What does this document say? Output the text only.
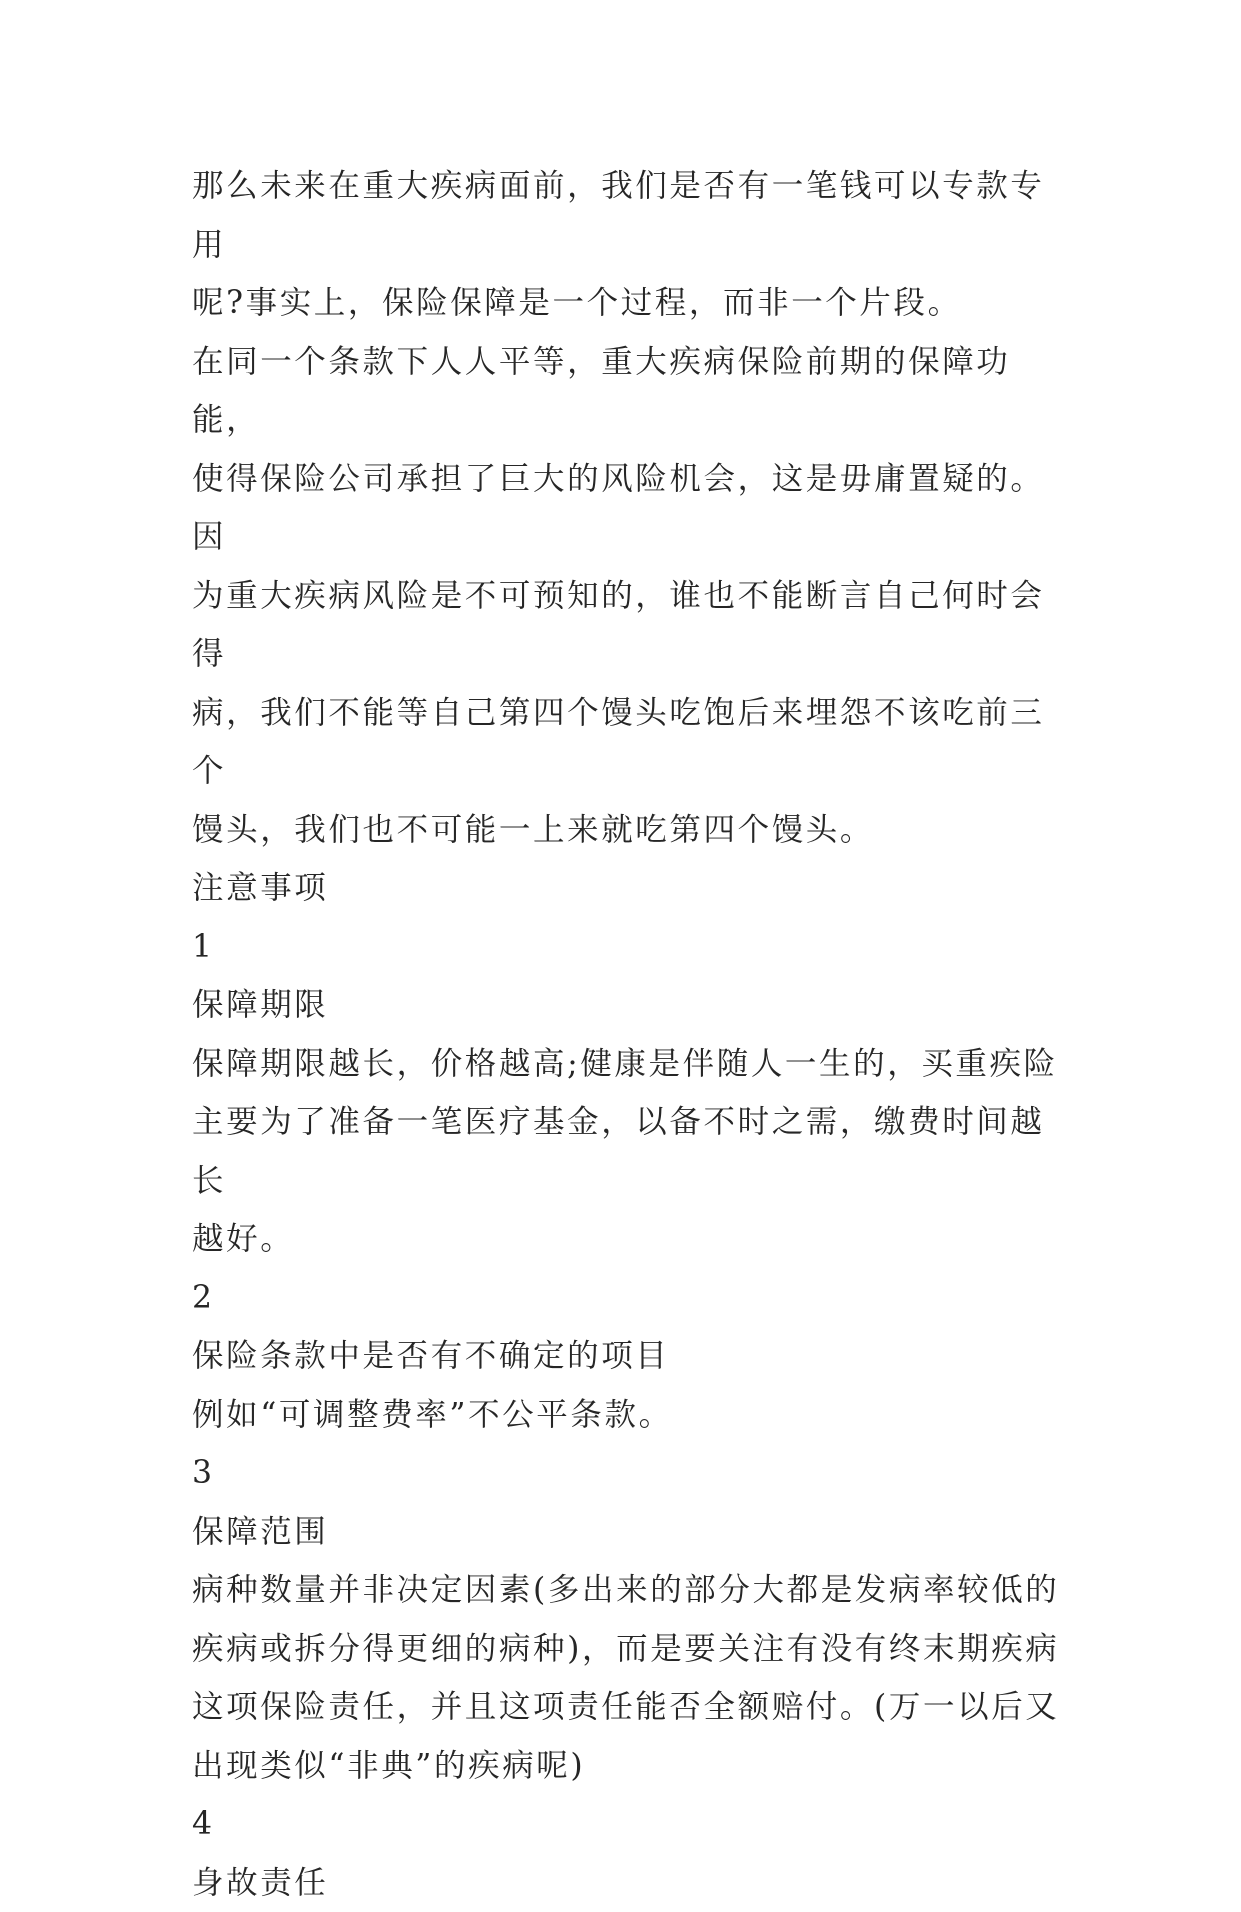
那么未来在重大疾病面前，我们是否有一笔钱可以专款专用
呢?事实上，保险保障是一个过程，而非一个片段。

在同一个条款下人人平等，重大疾病保险前期的保障功能，
使得保险公司承担了巨大的风险机会，这是毋庸置疑的。因
为重大疾病风险是不可预知的，谁也不能断言自己何时会得
病，我们不能等自己第四个馒头吃饱后来埋怨不该吃前三个
馒头，我们也不可能一上来就吃第四个馒头。

注意事项

1

保障期限

保障期限越长，价格越高;健康是伴随人一生的，买重疾险
主要为了准备一笔医疗基金，以备不时之需，缴费时间越长
越好。

2

保险条款中是否有不确定的项目

例如“可调整费率”不公平条款。

3

保障范围

病种数量并非决定因素(多出来的部分大都是发病率较低的
疾病或拆分得更细的病种)，而是要关注有没有终末期疾病
这项保险责任，并且这项责任能否全额赔付。(万一以后又
出现类似“非典”的疾病呢)

4

身故责任
